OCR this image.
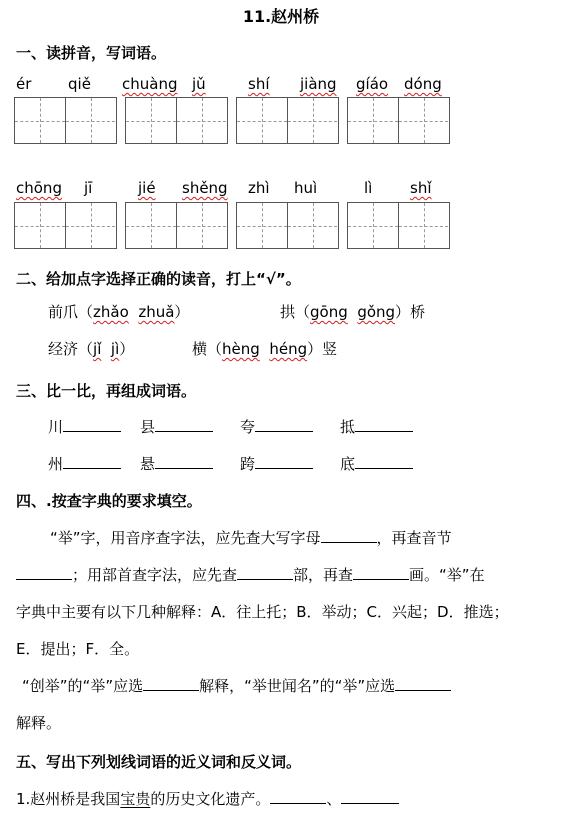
11.赵州桥
一、读拼音，写词语。
ér qiě chuàng jǔ	shí jiàng gíáo dóng
chōng jī	jié shěng zhì huì	lì	shǐ
二、给加点字选择正确的读音，打上“√”。
前爪（zhǎo zhuǎ）	拱（gōng gǒng）桥
经济（jǐ jì）	横（hèng héng）竖
三、比一比，再组成词语。
川	县	夸	抵
州	悬	跨	底
四、.按查字典的要求填空。
“举”字，用音序查字法，应先查大写字母	，再查音节
；用部首查字法，应先查	部，再查	画。“举”在
字典中主要有以下几种解释：A．往上托；B．举动；C．兴起；D．推选；
E．提出；F．全。
“创举”的“举”应选	解释，“举世闻名”的“举”应选
解释。
五、写出下列划线词语的近义词和反义词。
1.赵州桥是我国宝贵的历史文化遗产。	、
